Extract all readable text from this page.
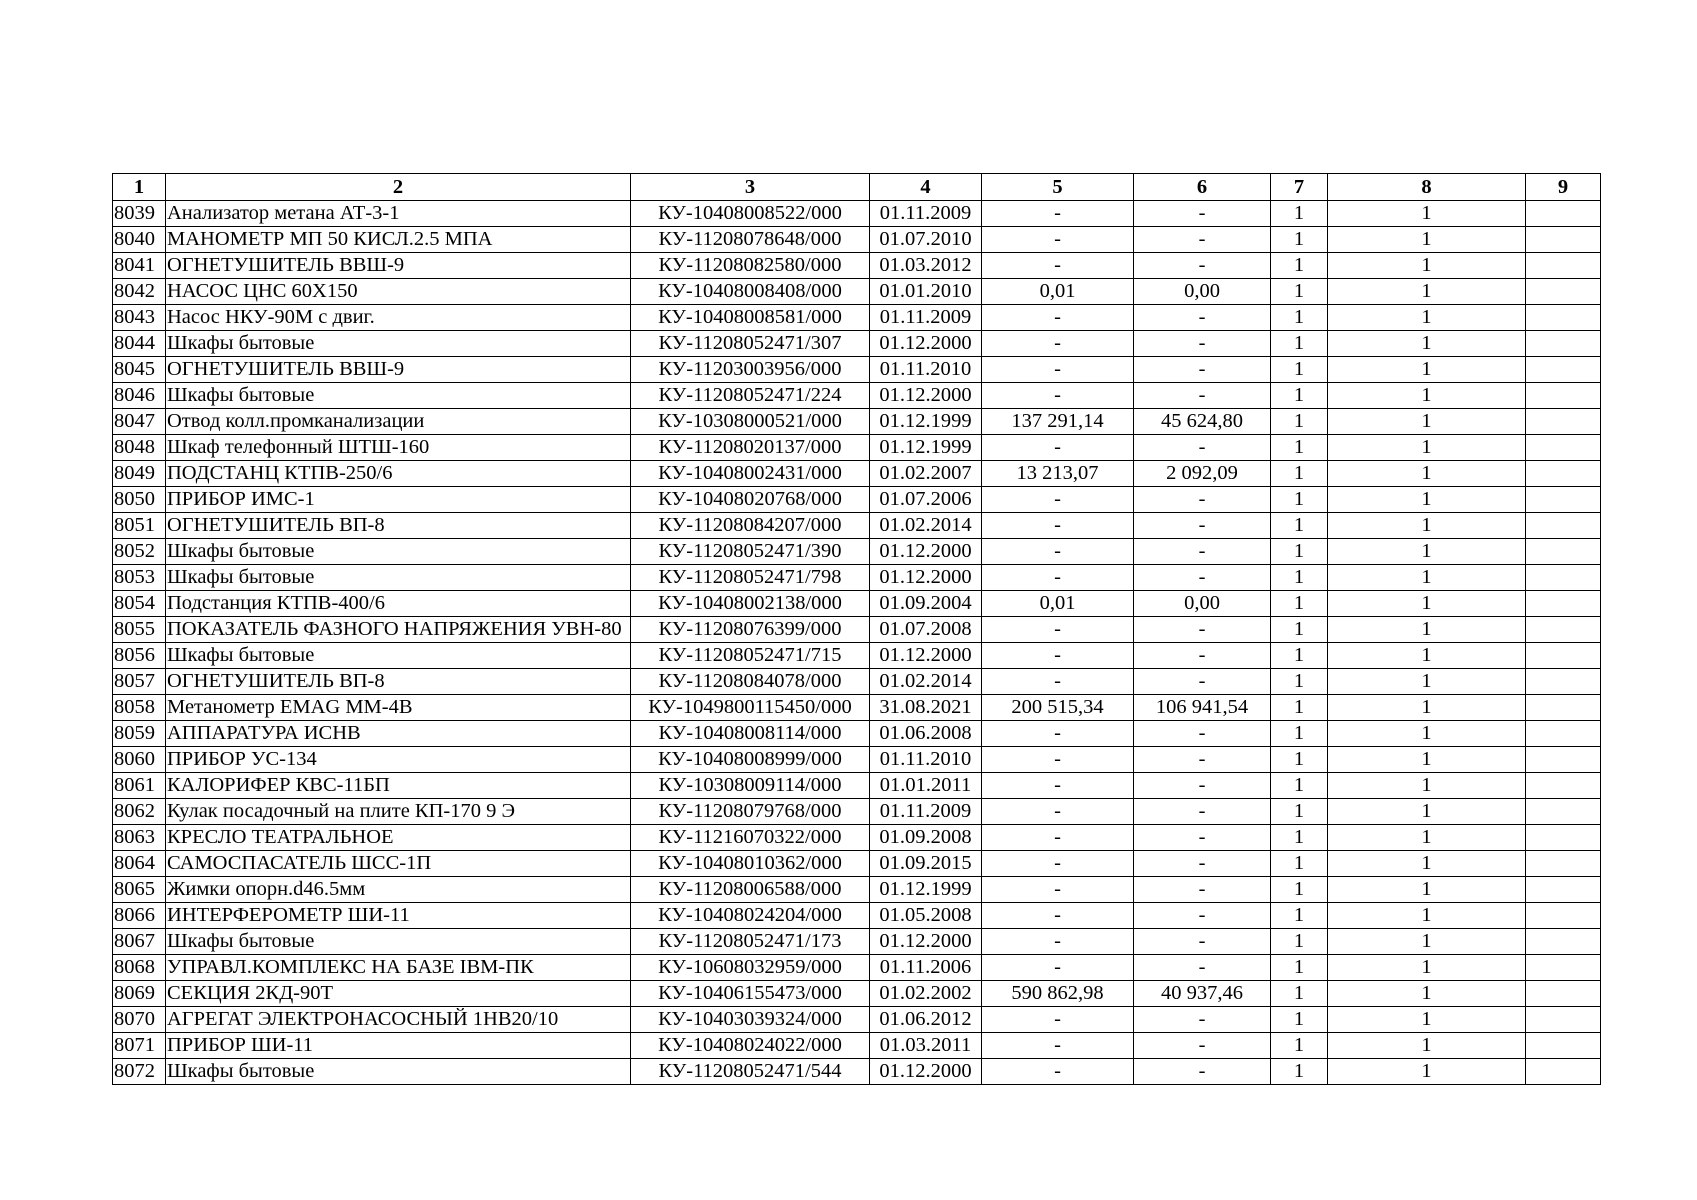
1	2	3	4	5	6	7	8	9
8039	Анализатор метана АТ-3-1	КУ-10408008522/000	01.11.2009	-	-	1	1	
8040	МАНОМЕТР МП 50 КИСЛ.2.5 МПА	КУ-11208078648/000	01.07.2010	-	-	1	1	
8041	ОГНЕТУШИТЕЛЬ ВВШ-9	КУ-11208082580/000	01.03.2012	-	-	1	1	
8042	НАСОС ЦНС 60Х150	КУ-10408008408/000	01.01.2010	0,01	0,00	1	1	
8043	Насос НКУ-90М с двиг.	КУ-10408008581/000	01.11.2009	-	-	1	1	
8044	Шкафы бытовые	КУ-11208052471/307	01.12.2000	-	-	1	1	
8045	ОГНЕТУШИТЕЛЬ ВВШ-9	КУ-11203003956/000	01.11.2010	-	-	1	1	
8046	Шкафы бытовые	КУ-11208052471/224	01.12.2000	-	-	1	1	
8047	Отвод колл.промканализации	КУ-10308000521/000	01.12.1999	137 291,14	45 624,80	1	1	
8048	Шкаф телефонный ШТШ-160	КУ-11208020137/000	01.12.1999	-	-	1	1	
8049	ПОДСТАНЦ КТПВ-250/6	КУ-10408002431/000	01.02.2007	13 213,07	2 092,09	1	1	
8050	ПРИБОР ИМС-1	КУ-10408020768/000	01.07.2006	-	-	1	1	
8051	ОГНЕТУШИТЕЛЬ ВП-8	КУ-11208084207/000	01.02.2014	-	-	1	1	
8052	Шкафы бытовые	КУ-11208052471/390	01.12.2000	-	-	1	1	
8053	Шкафы бытовые	КУ-11208052471/798	01.12.2000	-	-	1	1	
8054	Подстанция КТПВ-400/6	КУ-10408002138/000	01.09.2004	0,01	0,00	1	1	
8055	ПОКАЗАТЕЛЬ ФАЗНОГО НАПРЯЖЕНИЯ УВН-80	КУ-11208076399/000	01.07.2008	-	-	1	1	
8056	Шкафы бытовые	КУ-11208052471/715	01.12.2000	-	-	1	1	
8057	ОГНЕТУШИТЕЛЬ ВП-8	КУ-11208084078/000	01.02.2014	-	-	1	1	
8058	Метанометр EMAG ММ-4В	КУ-1049800115450/000	31.08.2021	200 515,34	106 941,54	1	1	
8059	АППАРАТУРА ИСНВ	КУ-10408008114/000	01.06.2008	-	-	1	1	
8060	ПРИБОР УС-134	КУ-10408008999/000	01.11.2010	-	-	1	1	
8061	КАЛОРИФЕР КВС-11БП	КУ-10308009114/000	01.01.2011	-	-	1	1	
8062	Кулак посадочный на плите КП-170 9 Э	КУ-11208079768/000	01.11.2009	-	-	1	1	
8063	КРЕСЛО ТЕАТРАЛЬНОЕ	КУ-11216070322/000	01.09.2008	-	-	1	1	
8064	САМОСПАСАТЕЛЬ ШСС-1П	КУ-10408010362/000	01.09.2015	-	-	1	1	
8065	Жимки опорн.d46.5мм	КУ-11208006588/000	01.12.1999	-	-	1	1	
8066	ИНТЕРФЕРОМЕТР ШИ-11	КУ-10408024204/000	01.05.2008	-	-	1	1	
8067	Шкафы бытовые	КУ-11208052471/173	01.12.2000	-	-	1	1	
8068	УПРАВЛ.КОМПЛЕКС НА БАЗЕ IBM-ПК	КУ-10608032959/000	01.11.2006	-	-	1	1	
8069	СЕКЦИЯ 2КД-90Т	КУ-10406155473/000	01.02.2002	590 862,98	40 937,46	1	1	
8070	АГРЕГАТ ЭЛЕКТРОНАСОСНЫЙ 1НВ20/10	КУ-10403039324/000	01.06.2012	-	-	1	1	
8071	ПРИБОР ШИ-11	КУ-10408024022/000	01.03.2011	-	-	1	1	
8072	Шкафы бытовые	КУ-11208052471/544	01.12.2000	-	-	1	1	
